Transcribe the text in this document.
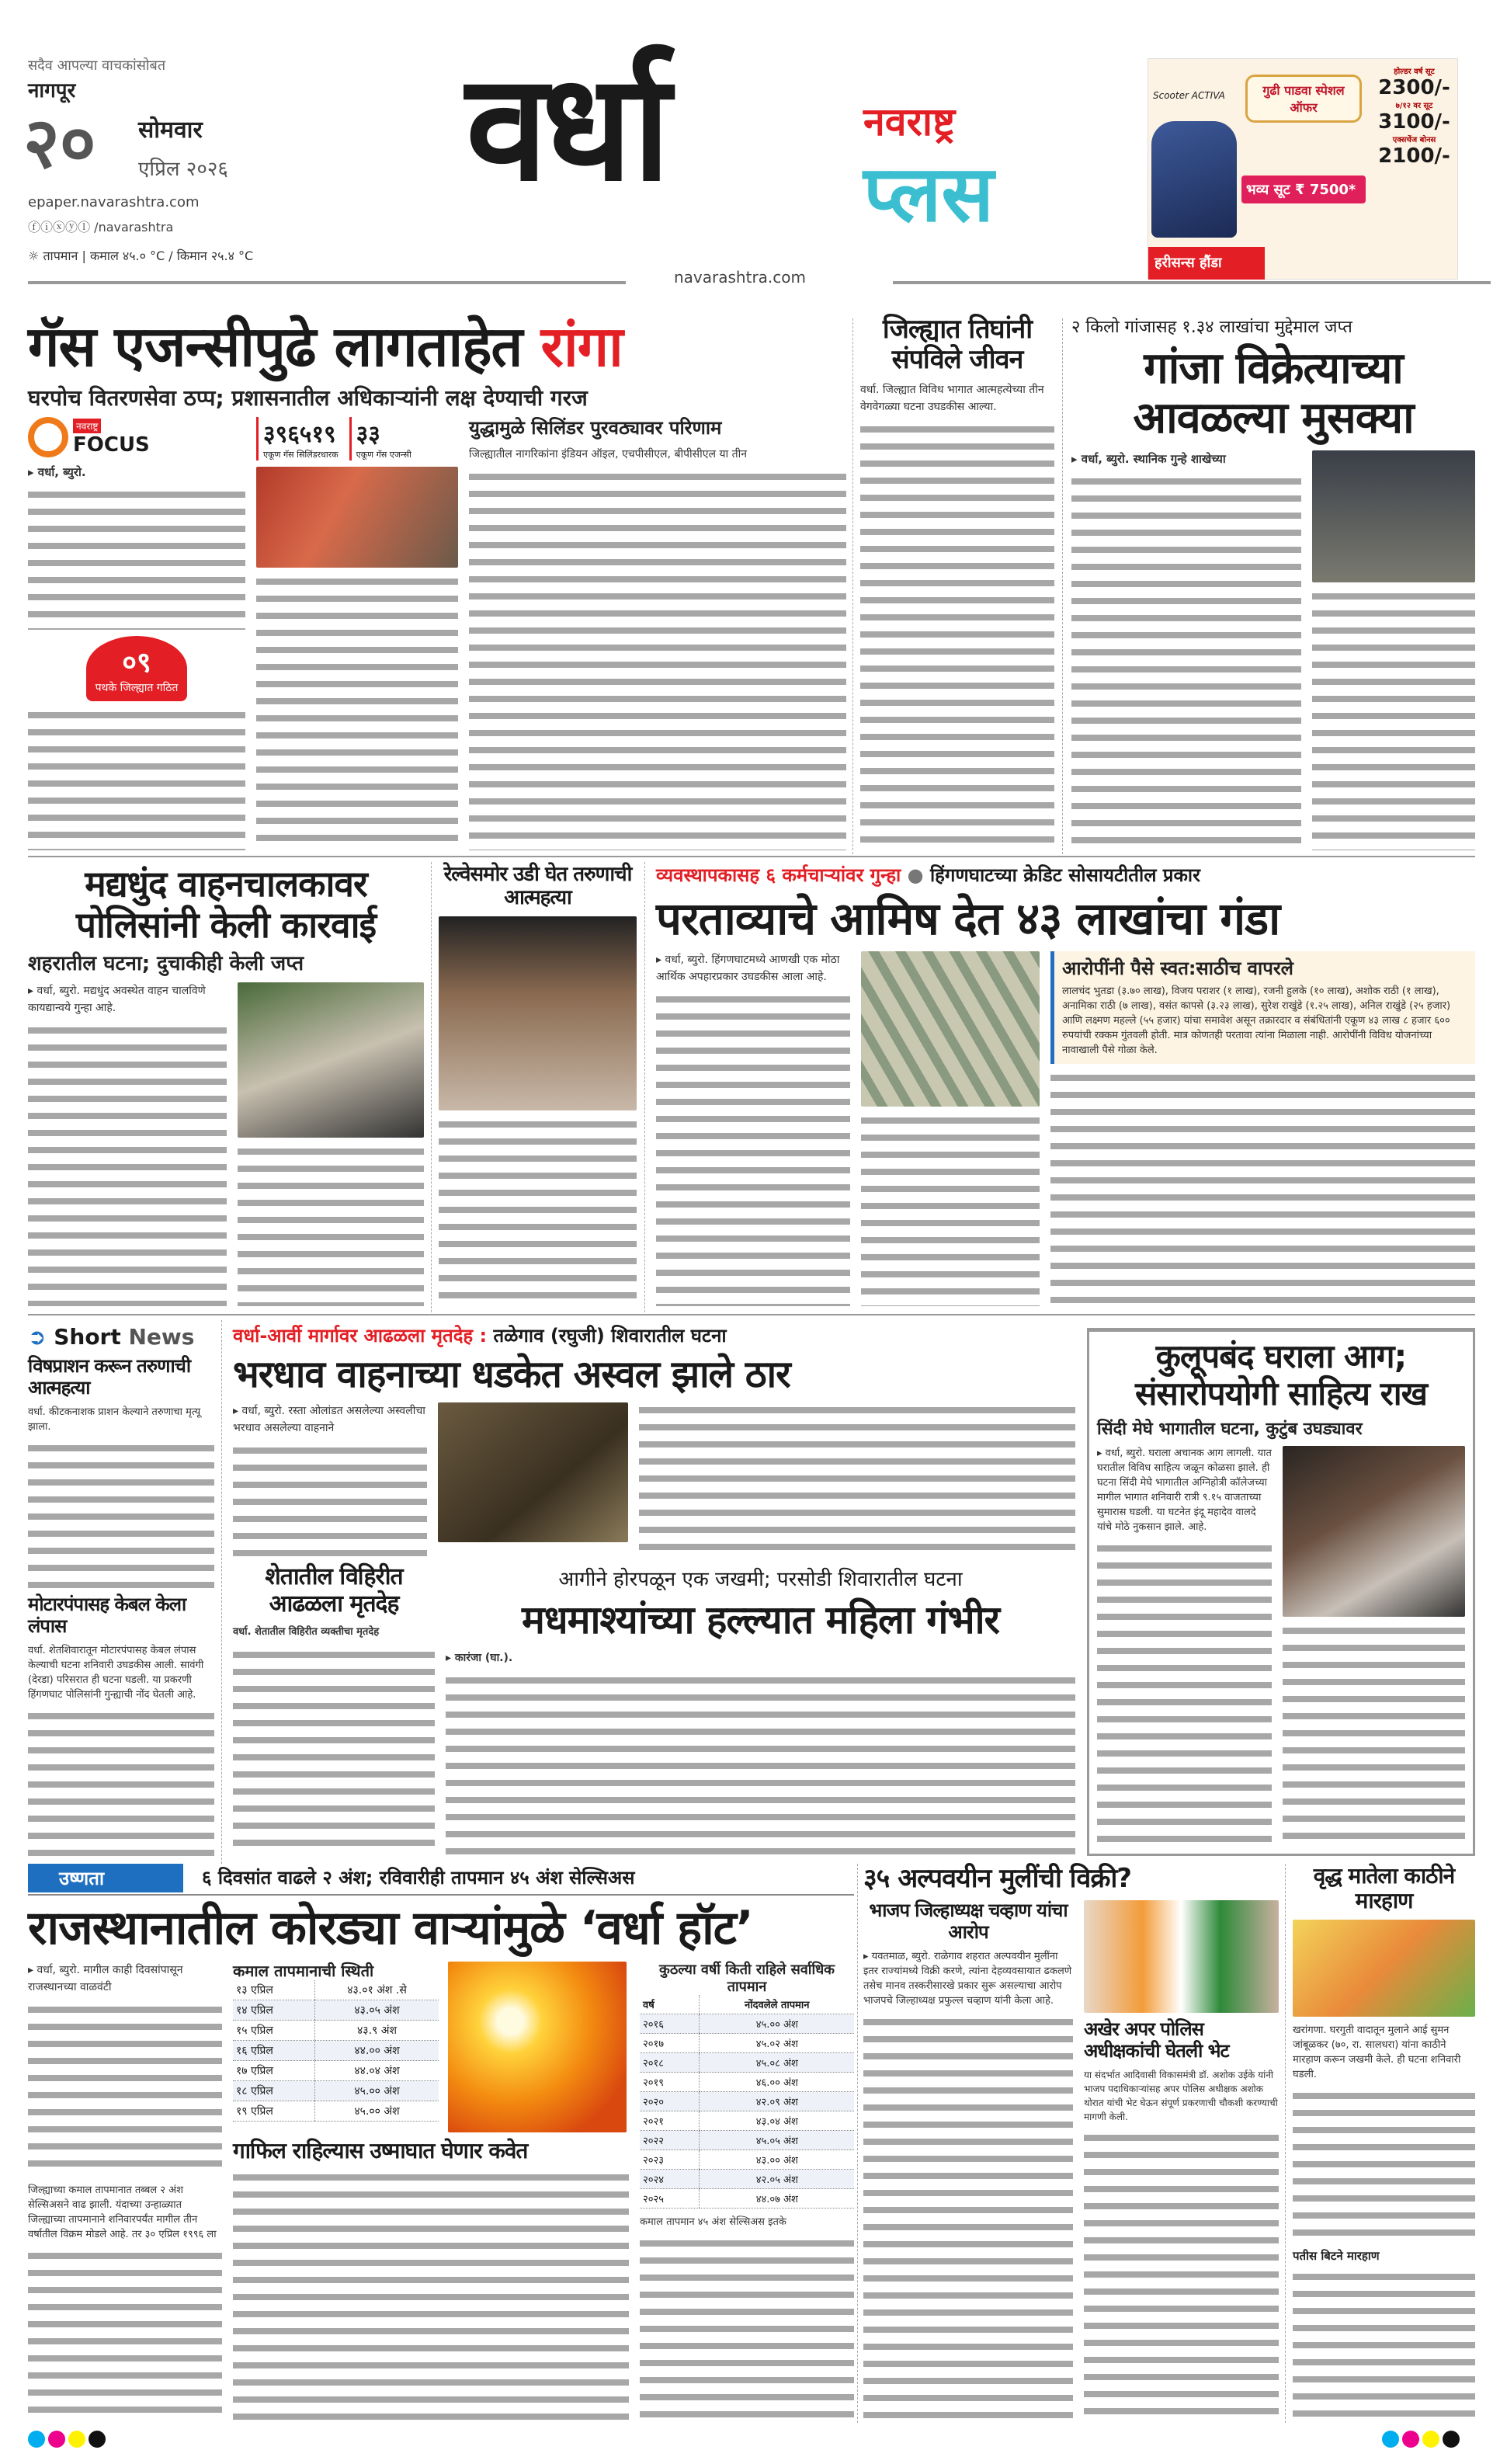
सदैव आपल्या वाचकांसोबत
नागपूर
२० सोमवार
एप्रिल २०२६
epaper.navarashtra.com
ⓕⓘⓧⓨⓛ /navarashtra
☼ तापमान | कमाल ४५.० °C / किमान २५.४ °C
वर्धा	नवराष्ट्र
प्लस
navarashtra.com
Scooter ACTIVA	गुढी पाडवा स्पेशल ऑफर
भव्य सूट ₹ 7500*
होल्डर वर्ष सूट
2300/-
७/१२ वर सूट
3100/-
एक्सचेंज बोनस
2100/-
हरीसन्स हौंडा
गॅस एजन्सीपुढे लागताहेत रांगा
घरपोच वितरणसेवा ठप्प; प्रशासनातील अधिकाऱ्यांनी लक्ष देण्याची गरज
नवराष्ट्र
FOCUS
▸ वर्धा, ब्युरो.
०९
पथके जिल्ह्यात गठित
३९६५१९
एकूण गॅस सिलिंडरधारक
३३
एकूण गॅस एजन्सी
युद्धामुळे सिलिंडर पुरवठ्यावर परिणाम
जिल्ह्यातील नागरिकांना इंडियन ऑइल, एचपीसीएल, बीपीसीएल या तीन
जिल्ह्यात तिघांनी संपविले जीवन
वर्धा. जिल्ह्यात विविध भागात आत्महत्येच्या तीन वेगवेगळ्या घटना उघडकीस आल्या.
२ किलो गांजासह १.३४ लाखांचा मुद्देमाल जप्त
गांजा विक्रेत्याच्या आवळल्या मुसक्या
▸ वर्धा, ब्युरो. स्थानिक गुन्हे शाखेच्या
मद्यधुंद वाहनचालकावर पोलिसांनी केली कारवाई
शहरातील घटना; दुचाकीही केली जप्त
▸ वर्धा, ब्युरो. मद्यधुंद अवस्थेत वाहन चालविणे कायद्यान्वये गुन्हा आहे.
रेल्वेसमोर उडी घेत तरुणाची आत्महत्या
व्यवस्थापकासह ६ कर्मचाऱ्यांवर गुन्हा ● हिंगणघाटच्या क्रेडिट सोसायटीतील प्रकार
परताव्याचे आमिष देत ४३ लाखांचा गंडा
▸ वर्धा, ब्युरो. हिंगणघाटमध्ये आणखी एक मोठा आर्थिक अपहारप्रकार उघडकीस आला आहे.	आरोपींनी पैसे स्वत:साठीच वापरले
लालचंद भुतडा (३.७० लाख), विजय पराशर (१ लाख), रजनी हुलके (१० लाख), अशोक राठी (१ लाख), अनामिका राठी (७ लाख), वसंत कापसे (३.२३ लाख), सुरेश राखुंडे (१.२५ लाख), अनिल राखुंडे (२५ हजार) आणि लक्ष्मण महल्ले (५५ हजार) यांचा समावेश असून तक्रारदार व संबंधितांनी एकूण ४३ लाख ८ हजार ६०० रुपयांची रक्कम गुंतवली होती. मात्र कोणतही परतावा त्यांना मिळाला नाही. आरोपींनी विविध योजनांच्या नावाखाली पैसे गोळा केले.
➲ Short News
विषप्राशन करून तरुणाची आत्महत्या
वर्धा. कीटकनाशक प्राशन केल्याने तरुणाचा मृत्यू झाला.
मोटारपंपासह केबल केला लंपास
वर्धा. शेतशिवारातून मोटारपंपासह केबल लंपास केल्याची घटना शनिवारी उघडकीस आली. सावंगी (देरडा) परिसरात ही घटना घडली. या प्रकरणी हिंगणघाट पोलिसांनी गुन्ह्याची नोंद घेतली आहे.
वर्धा-आर्वी मार्गावर आढळला मृतदेह : तळेगाव (रघुजी) शिवारातील घटना
भरधाव वाहनाच्या धडकेत अस्वल झाले ठार
▸ वर्धा, ब्युरो. रस्ता ओलांडत असलेल्या अस्वलीचा भरधाव असलेल्या वाहनाने
शेतातील विहिरीत आढळला मृतदेह
वर्धा. शेतातील विहिरीत व्यक्तीचा मृतदेह
आगीने होरपळून एक जखमी; परसोडी शिवारातील घटना
मधमाश्यांच्या हल्ल्यात महिला गंभीर
▸ कारंजा (घा.).
कुलूपबंद घराला आग; संसारोपयोगी साहित्य राख
सिंदी मेघे भागातील घटना, कुटुंब उघड्यावर
▸ वर्धा, ब्युरो. घराला अचानक आग लागली. यात घरातील विविध साहित्य जळून कोळसा झाले. ही घटना सिंदी मेघे भागातील अग्निहोत्री कॉलेजच्या मागील भागात शनिवारी रात्री ९.१५ वाजताच्या सुमारास घडली. या घटनेत इंदू महादेव वालदे यांचे मोठे नुकसान झाले. आहे.
उष्णता	६ दिवसांत वाढले २ अंश; रविवारीही तापमान ४५ अंश सेल्सिअस
राजस्थानातील कोरड्या वाऱ्यांमुळे ‘वर्धा हॉट’
▸ वर्धा, ब्युरो. मागील काही दिवसांपासून राजस्थानच्या वाळवंटी
जिल्ह्याच्या कमाल तापमानात तब्बल २ अंश सेल्सिअसने वाढ झाली. यंदाच्या उन्हाळ्यात जिल्ह्याच्या तापमानाने शनिवारपर्यंत मागील तीन वर्षातील विक्रम मोडले आहे. तर ३० एप्रिल १९९६ ला
कमाल तापमानाची स्थिती
१३ एप्रिल	४३.०१ अंश .से
१४ एप्रिल	४३.०५ अंश
१५ एप्रिल	४३.९ अंश
१६ एप्रिल	४४.०० अंश
१७ एप्रिल	४४.०४ अंश
१८ एप्रिल	४५.०० अंश
१९ एप्रिल	४५.०० अंश
गाफिल राहिल्यास उष्माघात घेणार कवेत
कुठल्या वर्षी किती राहिले सर्वाधिक तापमान
वर्ष	नोंदवलेले तापमान
२०१६	४५.०० अंश
२०१७	४५.०२ अंश
२०१८	४५.०८ अंश
२०१९	४६.०० अंश
२०२०	४२.०९ अंश
२०२१	४३.०४ अंश
२०२२	४५.०५ अंश
२०२३	४३.०० अंश
२०२४	४२.०५ अंश
२०२५	४४.०७ अंश
कमाल तापमान ४५ अंश सेल्सिअस इतके
३५ अल्पवयीन मुलींची विक्री?
भाजप जिल्हाध्यक्ष चव्हाण यांचा आरोप
▸ यवतमाळ, ब्युरो. राळेगाव शहरात अल्पवयीन मुलींना इतर राज्यांमध्ये विक्री करणे, त्यांना देहव्यवसायात ढकलणे तसेच मानव तस्करीसारखे प्रकार सुरू असल्याचा आरोप भाजपचे जिल्हाध्यक्ष प्रफुल्ल चव्हाण यांनी केला आहे.
अखेर अपर पोलिस अधीक्षकांची घेतली भेट
या संदर्भात आदिवासी विकासमंत्री डॉ. अशोक उईके यांनी भाजप पदाधिकाऱ्यांसह अपर पोलिस अधीक्षक अशोक थोरात यांची भेट घेऊन संपूर्ण प्रकरणाची चौकशी करण्याची मागणी केली.
वृद्ध मातेला काठीने मारहाण
खरांगणा. घरगुती वादातून मुलाने आई सुमन जांबूळकर (७०, रा. सालधरा) यांना काठीने मारहाण करून जखमी केले. ही घटना शनिवारी घडली.
पतीस बिटने मारहाण
